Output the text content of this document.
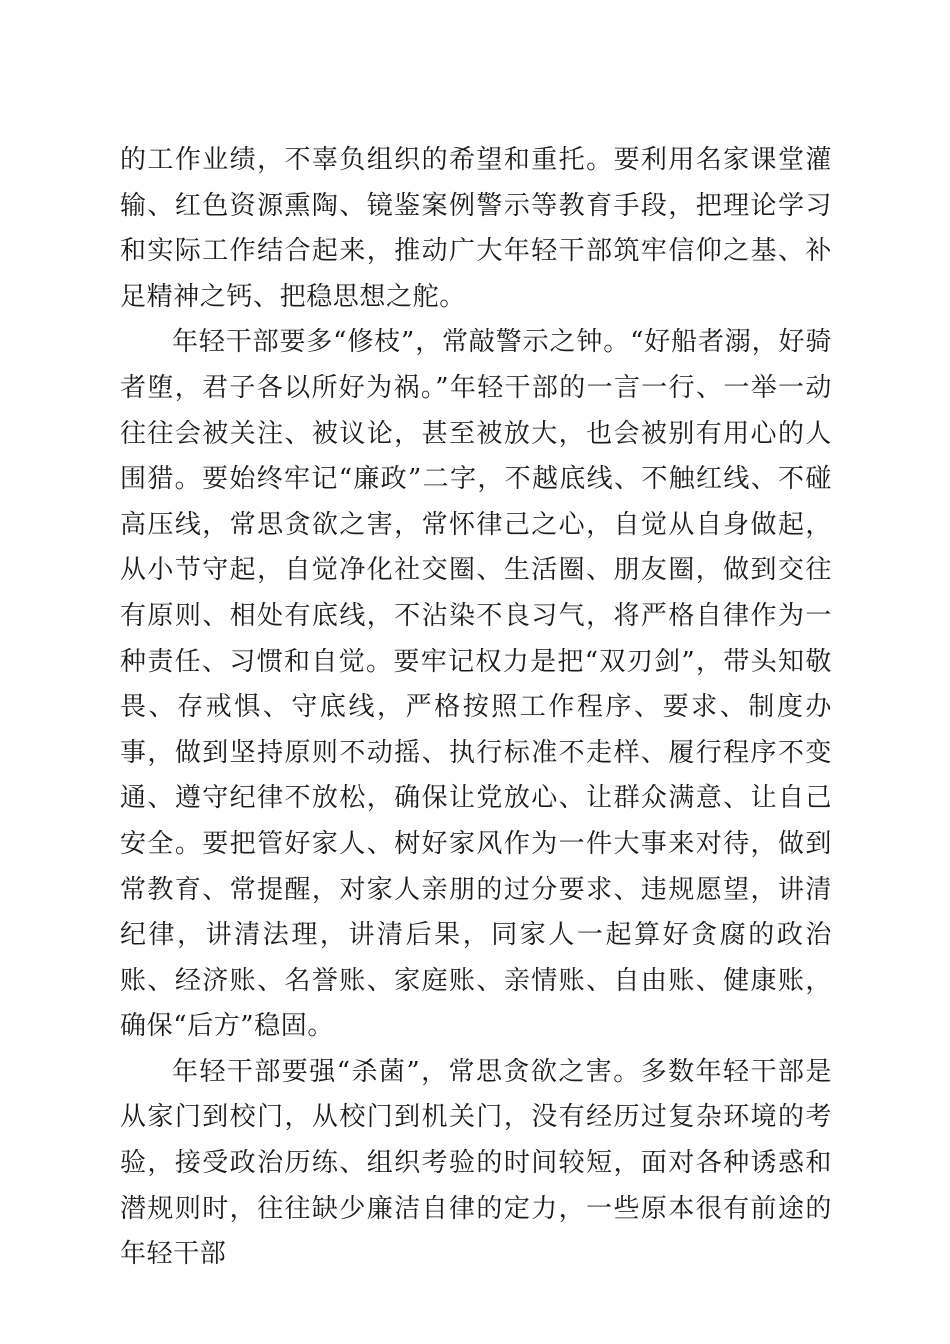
的工作业绩，不辜负组织的希望和重托。要利用名家课堂灌输、红色资源熏陶、镜鉴案例警示等教育手段，把理论学习和实际工作结合起来，推动广大年轻干部筑牢信仰之基、补足精神之钙、把稳思想之舵。

年轻干部要多“修枝”，常敲警示之钟。“好船者溺，好骑者堕，君子各以所好为祸。”年轻干部的一言一行、一举一动往往会被关注、被议论，甚至被放大，也会被别有用心的人围猎。要始终牢记“廉政”二字，不越底线、不触红线、不碰高压线，常思贪欲之害，常怀律己之心，自觉从自身做起，从小节守起，自觉净化社交圈、生活圈、朋友圈，做到交往有原则、相处有底线，不沾染不良习气，将严格自律作为一种责任、习惯和自觉。要牢记权力是把“双刃剑”，带头知敬畏、存戒惧、守底线，严格按照工作程序、要求、制度办事，做到坚持原则不动摇、执行标准不走样、履行程序不变通、遵守纪律不放松，确保让党放心、让群众满意、让自己安全。要把管好家人、树好家风作为一件大事来对待，做到常教育、常提醒，对家人亲朋的过分要求、违规愿望，讲清纪律，讲清法理，讲清后果，同家人一起算好贪腐的政治账、经济账、名誉账、家庭账、亲情账、自由账、健康账，确保“后方”稳固。

年轻干部要强“杀菌”，常思贪欲之害。多数年轻干部是从家门到校门，从校门到机关门，没有经历过复杂环境的考验，接受政治历练、组织考验的时间较短，面对各种诱惑和潜规则时，往往缺少廉洁自律的定力，一些原本很有前途的年轻干部
